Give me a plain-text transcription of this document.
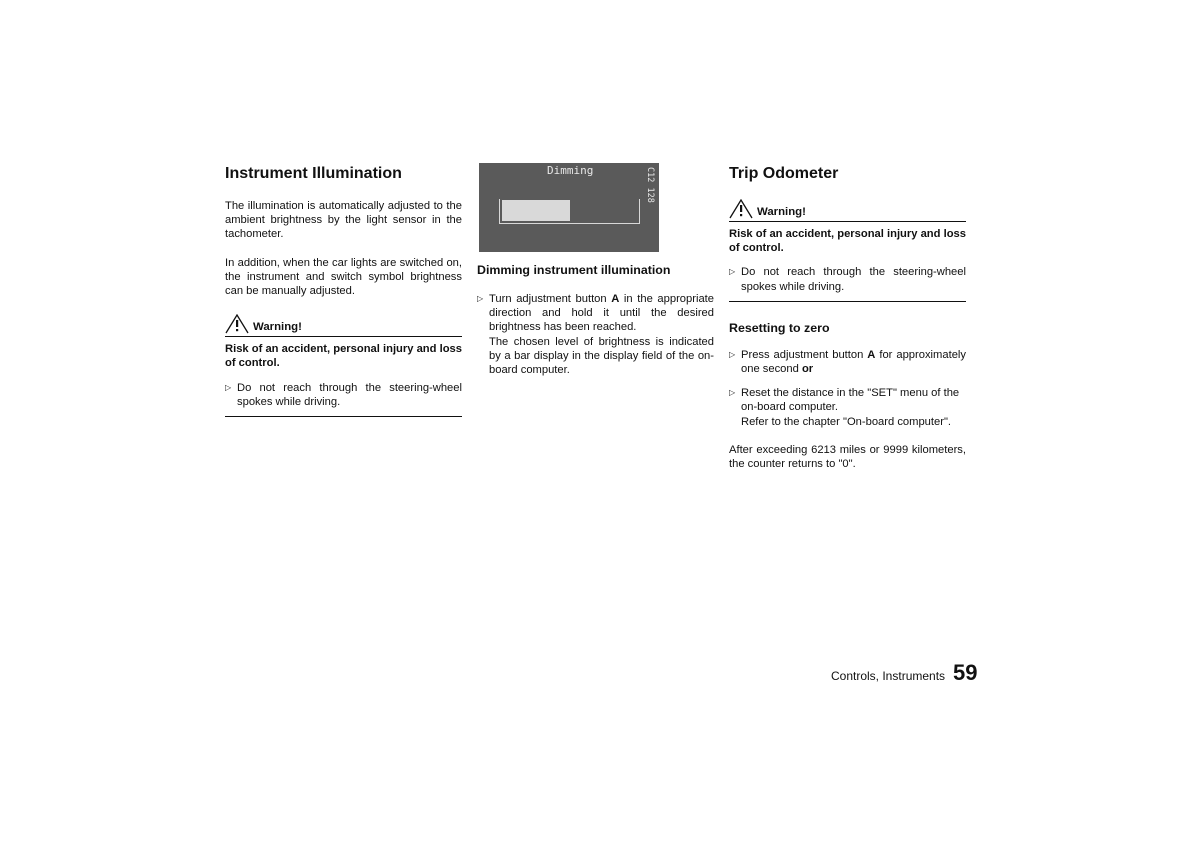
Instrument Illumination

The illumination is automatically adjusted to the ambient brightness by the light sensor in the tachometer.

In addition, when the car lights are switched on, the instrument and switch symbol brightness can be manually adjusted.

Warning!

Risk of an accident, personal injury and loss of control.

▷ Do not reach through the steering-wheel spokes while driving.
Dimming	C12 128
Dimming instrument illumination
▷ Turn adjustment button A in the appropriate direction and hold it until the desired brightness has been reached.
The chosen level of brightness is indicated by a bar display in the display field of the on-board computer.
Trip Odometer
Warning!

Risk of an accident, personal injury and loss of control.

▷ Do not reach through the steering-wheel spokes while driving.
Resetting to zero
▷ Press adjustment button A for approximately one second or
▷ Reset the distance in the "SET" menu of the on-board computer.
Refer to the chapter "On-board computer".

After exceeding 6213 miles or 9999 kilometers, the counter returns to "0".

Controls, Instruments 59
